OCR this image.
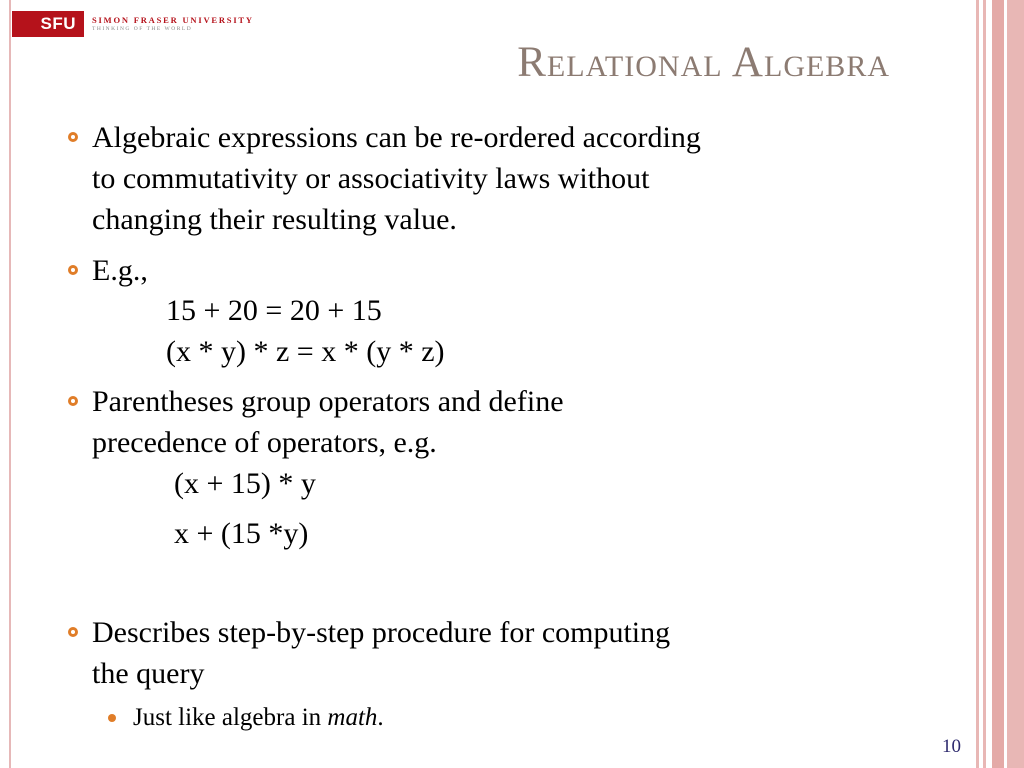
SFU	SIMON FRASER UNIVERSITY
THINKING OF THE WORLD
Relational Algebra
Algebraic expressions can be re-ordered according
to commutativity or associativity laws without
changing their resulting value.
E.g.,
15 + 20 = 20 + 15
(x * y) * z = x * (y * z)
Parentheses group operators and define
precedence of operators, e.g.
(x + 15) * y
x + (15 *y)
Describes step-by-step procedure for computing
the query
Just like algebra in math.
10
